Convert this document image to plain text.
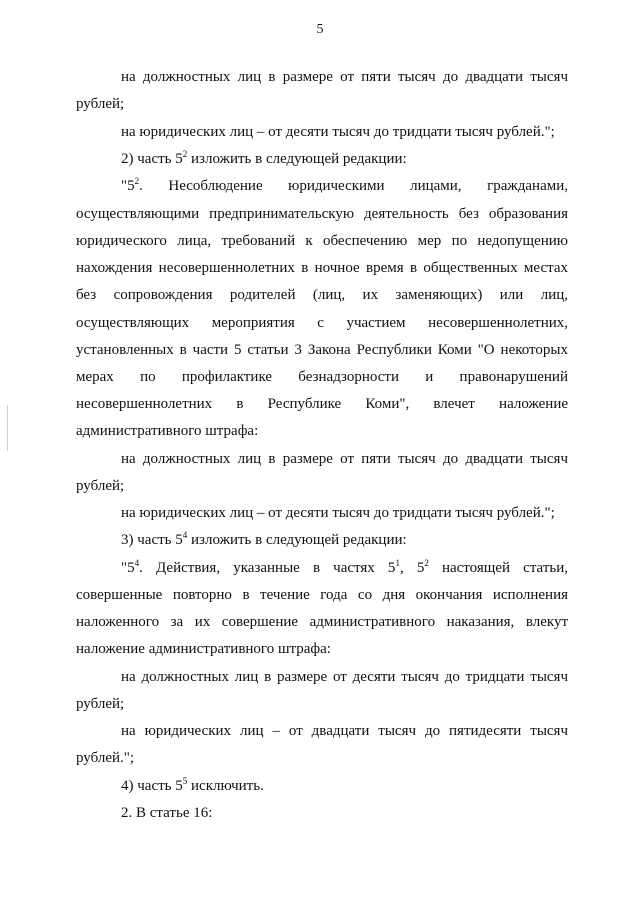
5
на должностных лиц в размере от пяти тысяч до двадцати тысяч
рублей;
на юридических лиц – от десяти тысяч до тридцати тысяч рублей.";
2) часть $5^2$ изложить в следующей редакции:
"$5^2$. Несоблюдение юридическими лицами, гражданами,
осуществляющими предпринимательскую деятельность без образования
юридического лица, требований к обеспечению мер по недопущению
нахождения несовершеннолетних в ночное время в общественных местах
без сопровождения родителей (лиц, их заменяющих) или лиц,
осуществляющих мероприятия с участием несовершеннолетних,
установленных в части 5 статьи 3 Закона Республики Коми "О некоторых
мерах по профилактике безнадзорности и правонарушений
несовершеннолетних в Республике Коми", влечет наложение
административного штрафа:
на должностных лиц в размере от пяти тысяч до двадцати тысяч
рублей;
на юридических лиц – от десяти тысяч до тридцати тысяч рублей.";
3) часть $5^4$ изложить в следующей редакции:
"$5^4$. Действия, указанные в частях $5^1$, $5^2$ настоящей статьи,
совершенные повторно в течение года со дня окончания исполнения
наложенного за их совершение административного наказания, влекут
наложение административного штрафа:
на должностных лиц в размере от десяти тысяч до тридцати тысяч
рублей;
на юридических лиц – от двадцати тысяч до пятидесяти тысяч
рублей.";
4) часть $5^5$ исключить.
2. В статье 16:
